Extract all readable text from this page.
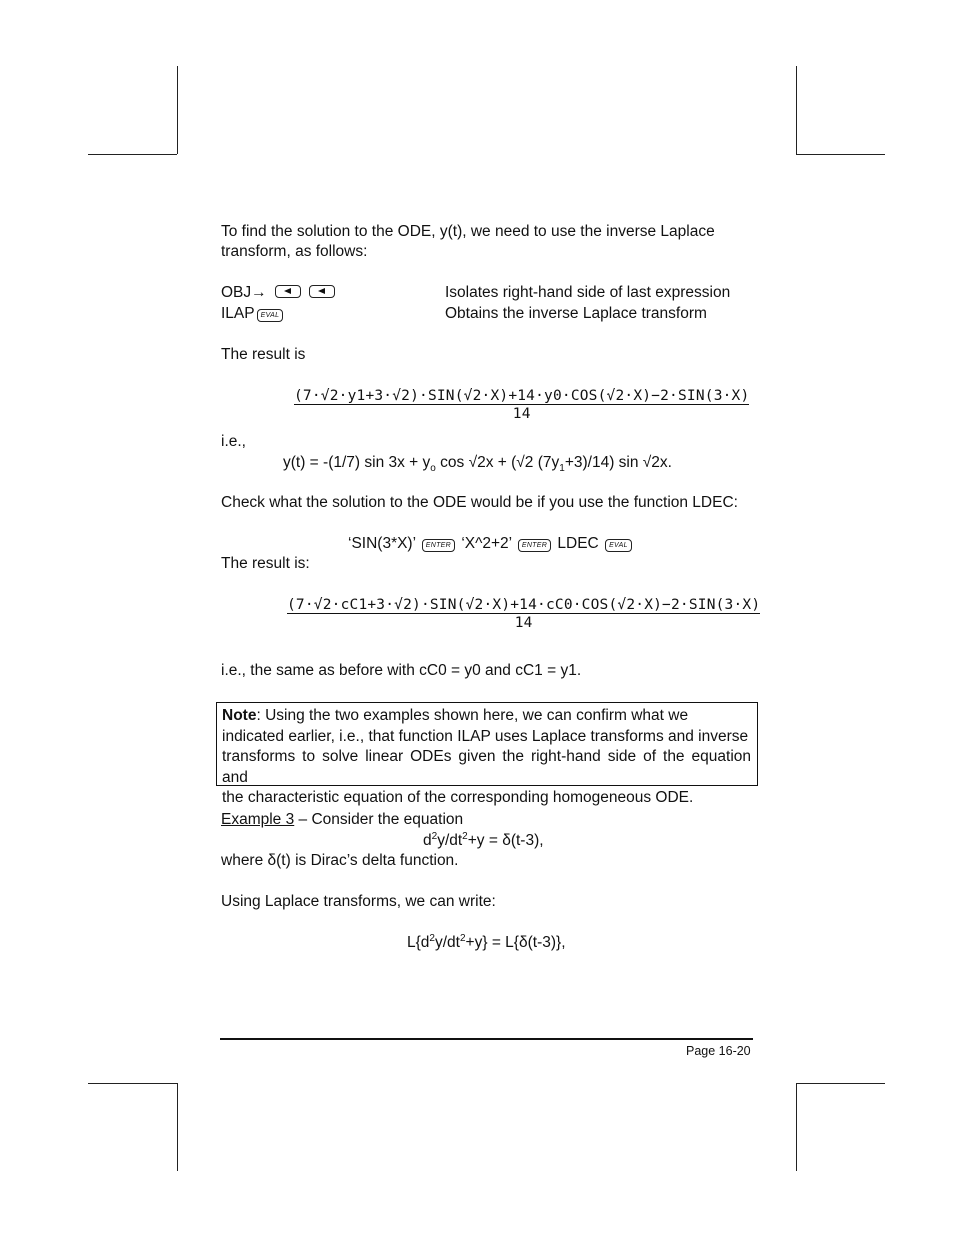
To find the solution to the ODE, y(t), we need to use the inverse Laplace
transform, as follows:
OBJ→	Isolates right-hand side of last expression
ILAP EVAL	Obtains the inverse Laplace transform
The result is
(7·√2·y1+3·√2)·SIN(√2·X)+14·y0·COS(√2·X)−2·SIN(3·X)
14
i.e.,
y(t) = -(1/7) $\sin 3x + y_o$ cos √2x + (√2 $(7y_1+3)/14$) sin √2x.
Check what the solution to the ODE would be if you use the function LDEC:
‘SIN(3*X)’ ENTER ‘X^2+2’ ENTER LDEC EVAL
The result is:
(7·√2·cC1+3·√2)·SIN(√2·X)+14·cC0·COS(√2·X)−2·SIN(3·X)
14
i.e., the same as before with cC0 = y0 and cC1 = y1.
Note: Using the two examples shown here, we can confirm what we
indicated earlier, i.e., that function ILAP uses Laplace transforms and inverse
transforms to solve linear ODEs given the right-hand side of the equation and
the characteristic equation of the corresponding homogeneous ODE.
Example 3 – Consider the equation
$d^2y/dt^2+y = \delta(t-3)$,
where δ(t) is Dirac’s delta function.
Using Laplace transforms, we can write:
$L\{d^2y/dt^2+y\} = L\{\delta(t-3)\}$,
Page 16-20
